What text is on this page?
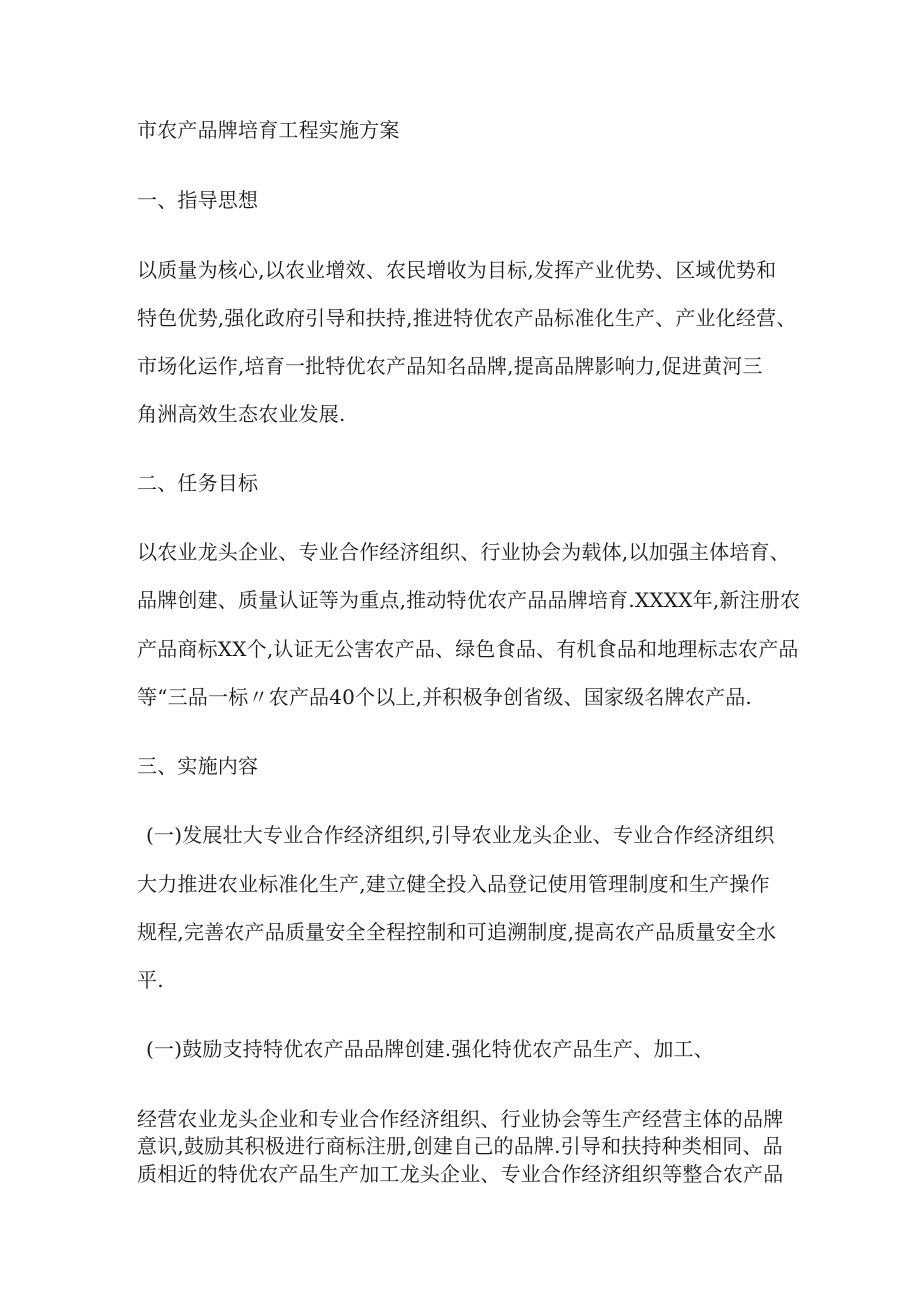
市农产品牌培育工程实施方案

一、指导思想

以质量为核心,以农业增效、农民增收为目标,发挥产业优势、区域优势和

特色优势,强化政府引导和扶持,推进特优农产品标准化生产、产业化经营、

市场化运作,培育一批特优农产品知名品牌,提高品牌影响力,促进黄河三

角洲高效生态农业发展.

二、任务目标

以农业龙头企业、专业合作经济组织、行业协会为载体,以加强主体培育、

品牌创建、质量认证等为重点,推动特优农产品品牌培育.XXXX年,新注册农

产品商标XX个,认证无公害农产品、绿色食品、有机食品和地理标志农产品

等“三品一标〃农产品40个以上,并积极争创省级、国家级名牌农产品.

三、实施内容

(一)发展壮大专业合作经济组织,引导农业龙头企业、专业合作经济组织

大力推进农业标准化生产,建立健全投入品登记使用管理制度和生产操作

规程,完善农产品质量安全全程控制和可追溯制度,提高农产品质量安全水

平.

(一)鼓励支持特优农产品品牌创建.强化特优农产品生产、加工、

经营农业龙头企业和专业合作经济组织、行业协会等生产经营主体的品牌

意识,鼓励其积极进行商标注册,创建自己的品牌.引导和扶持种类相同、品

质相近的特优农产品生产加工龙头企业、专业合作经济组织等整合农产品
